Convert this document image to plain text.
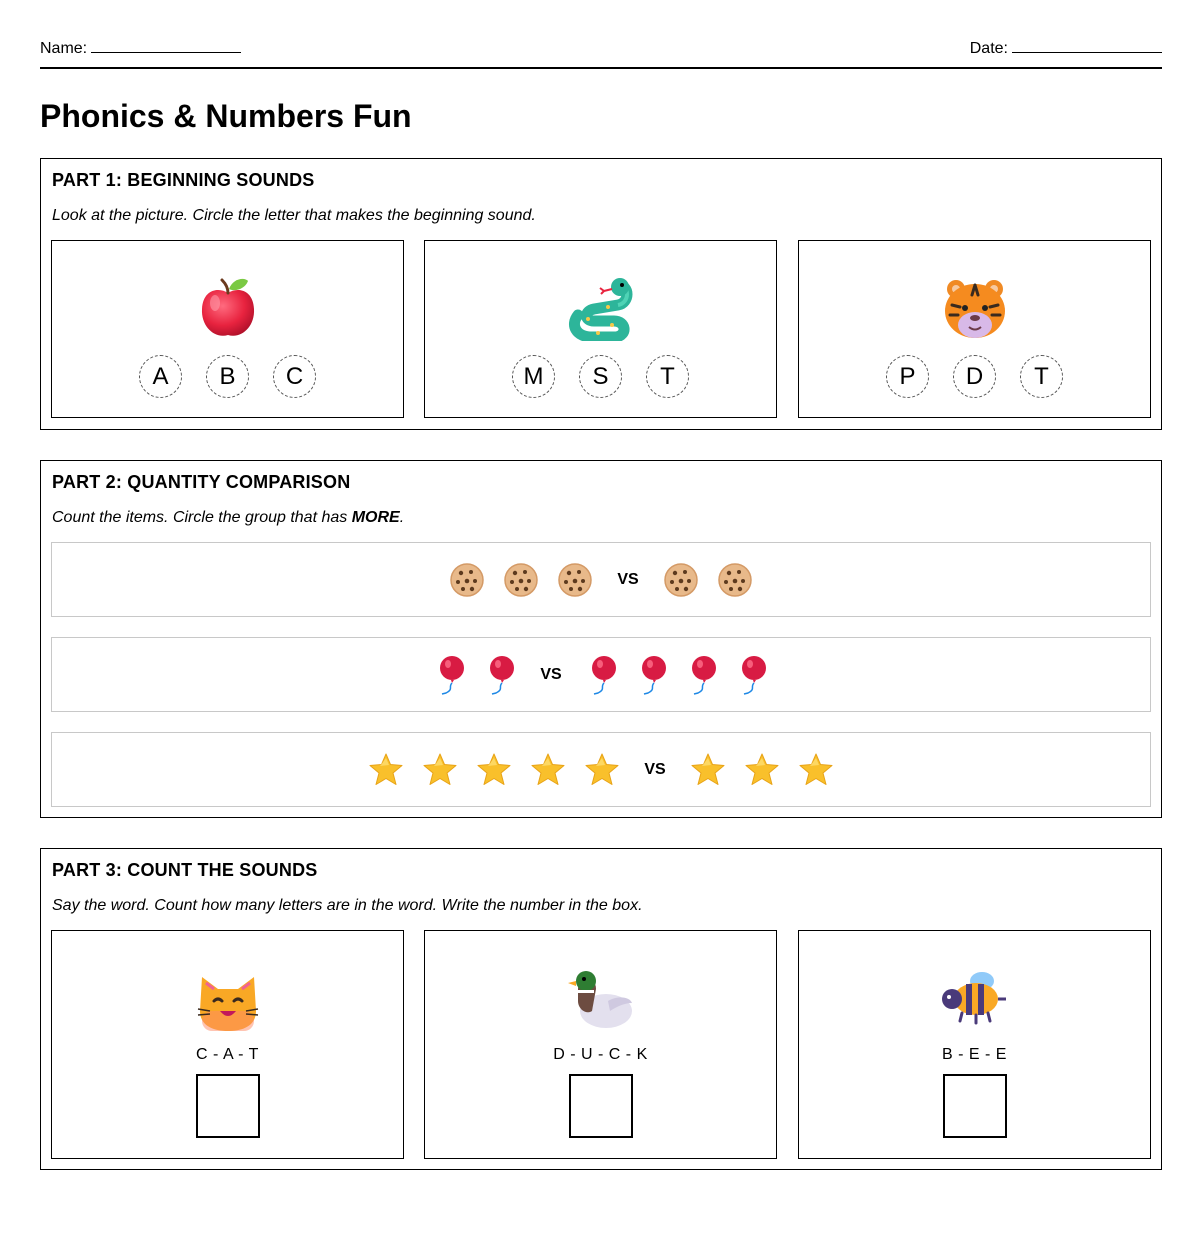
Name:	Date:
Phonics & Numbers Fun
PART 1: BEGINNING SOUNDS
Look at the picture. Circle the letter that makes the beginning sound.
A	B	C	M	S	T	P	D	T
PART 2: QUANTITY COMPARISON
Count the items. Circle the group that has MORE.
VS
VS
VS
PART 3: COUNT THE SOUNDS
Say the word. Count how many letters are in the word. Write the number in the box.
C - A - T	D - U - C - K	B - E - E
